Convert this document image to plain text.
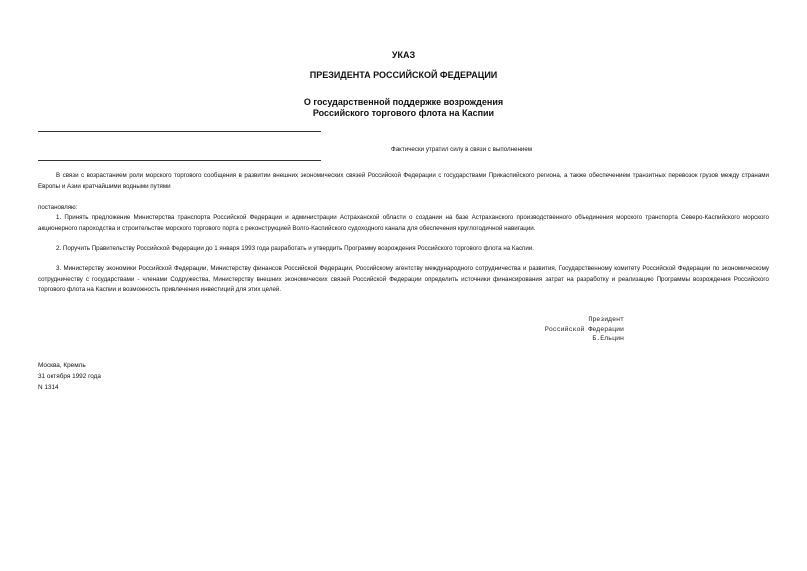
УКАЗ
ПРЕЗИДЕНТА РОССИЙСКОЙ ФЕДЕРАЦИИ
О государственной поддержке возрождения
Российского торгового флота на Каспии
Фактически утратил силу в связи с выполнением
В связи с возрастанием роли морского торгового сообщения в развитии внешних экономических связей Российской Федерации с государствами Прикаспийского региона, а также обеспечением транзитных перевозок грузов между странами Европы и Азии кратчайшими водными путями
постановляю:
1. Принять предложение Министерства транспорта Российской Федерации и администрации Астраханской области о создании на базе Астраханского производственного объединения морского транспорта Северо-Каспийского морского акционерного пароходства и строительстве морского торгового порта с реконструкцией Волго-Каспийского судоходного канала для обеспечения круглогодичной навигации.
2. Поручить Правительству Российской Федерации до 1 января 1993 года разработать и утвердить Программу возрождения Российского торгового флота на Каспии.
3. Министерству экономики Российской Федерации, Министерству финансов Российской Федерации, Российскому агентству международного сотрудничества и развития, Государственному комитету Российской Федерации по экономическому сотрудничеству с государствами - членами Содружества, Министерству внешних экономических связей Российской Федерации определить источники финансирования затрат на разработку и реализацию Программы возрождения Российского торгового флота на Каспии и возможность привлечения инвестиций для этих целей.
Президент
Российской Федерации
Б.Ельцин
Москва, Кремль
31 октября 1992 года
N 1314
